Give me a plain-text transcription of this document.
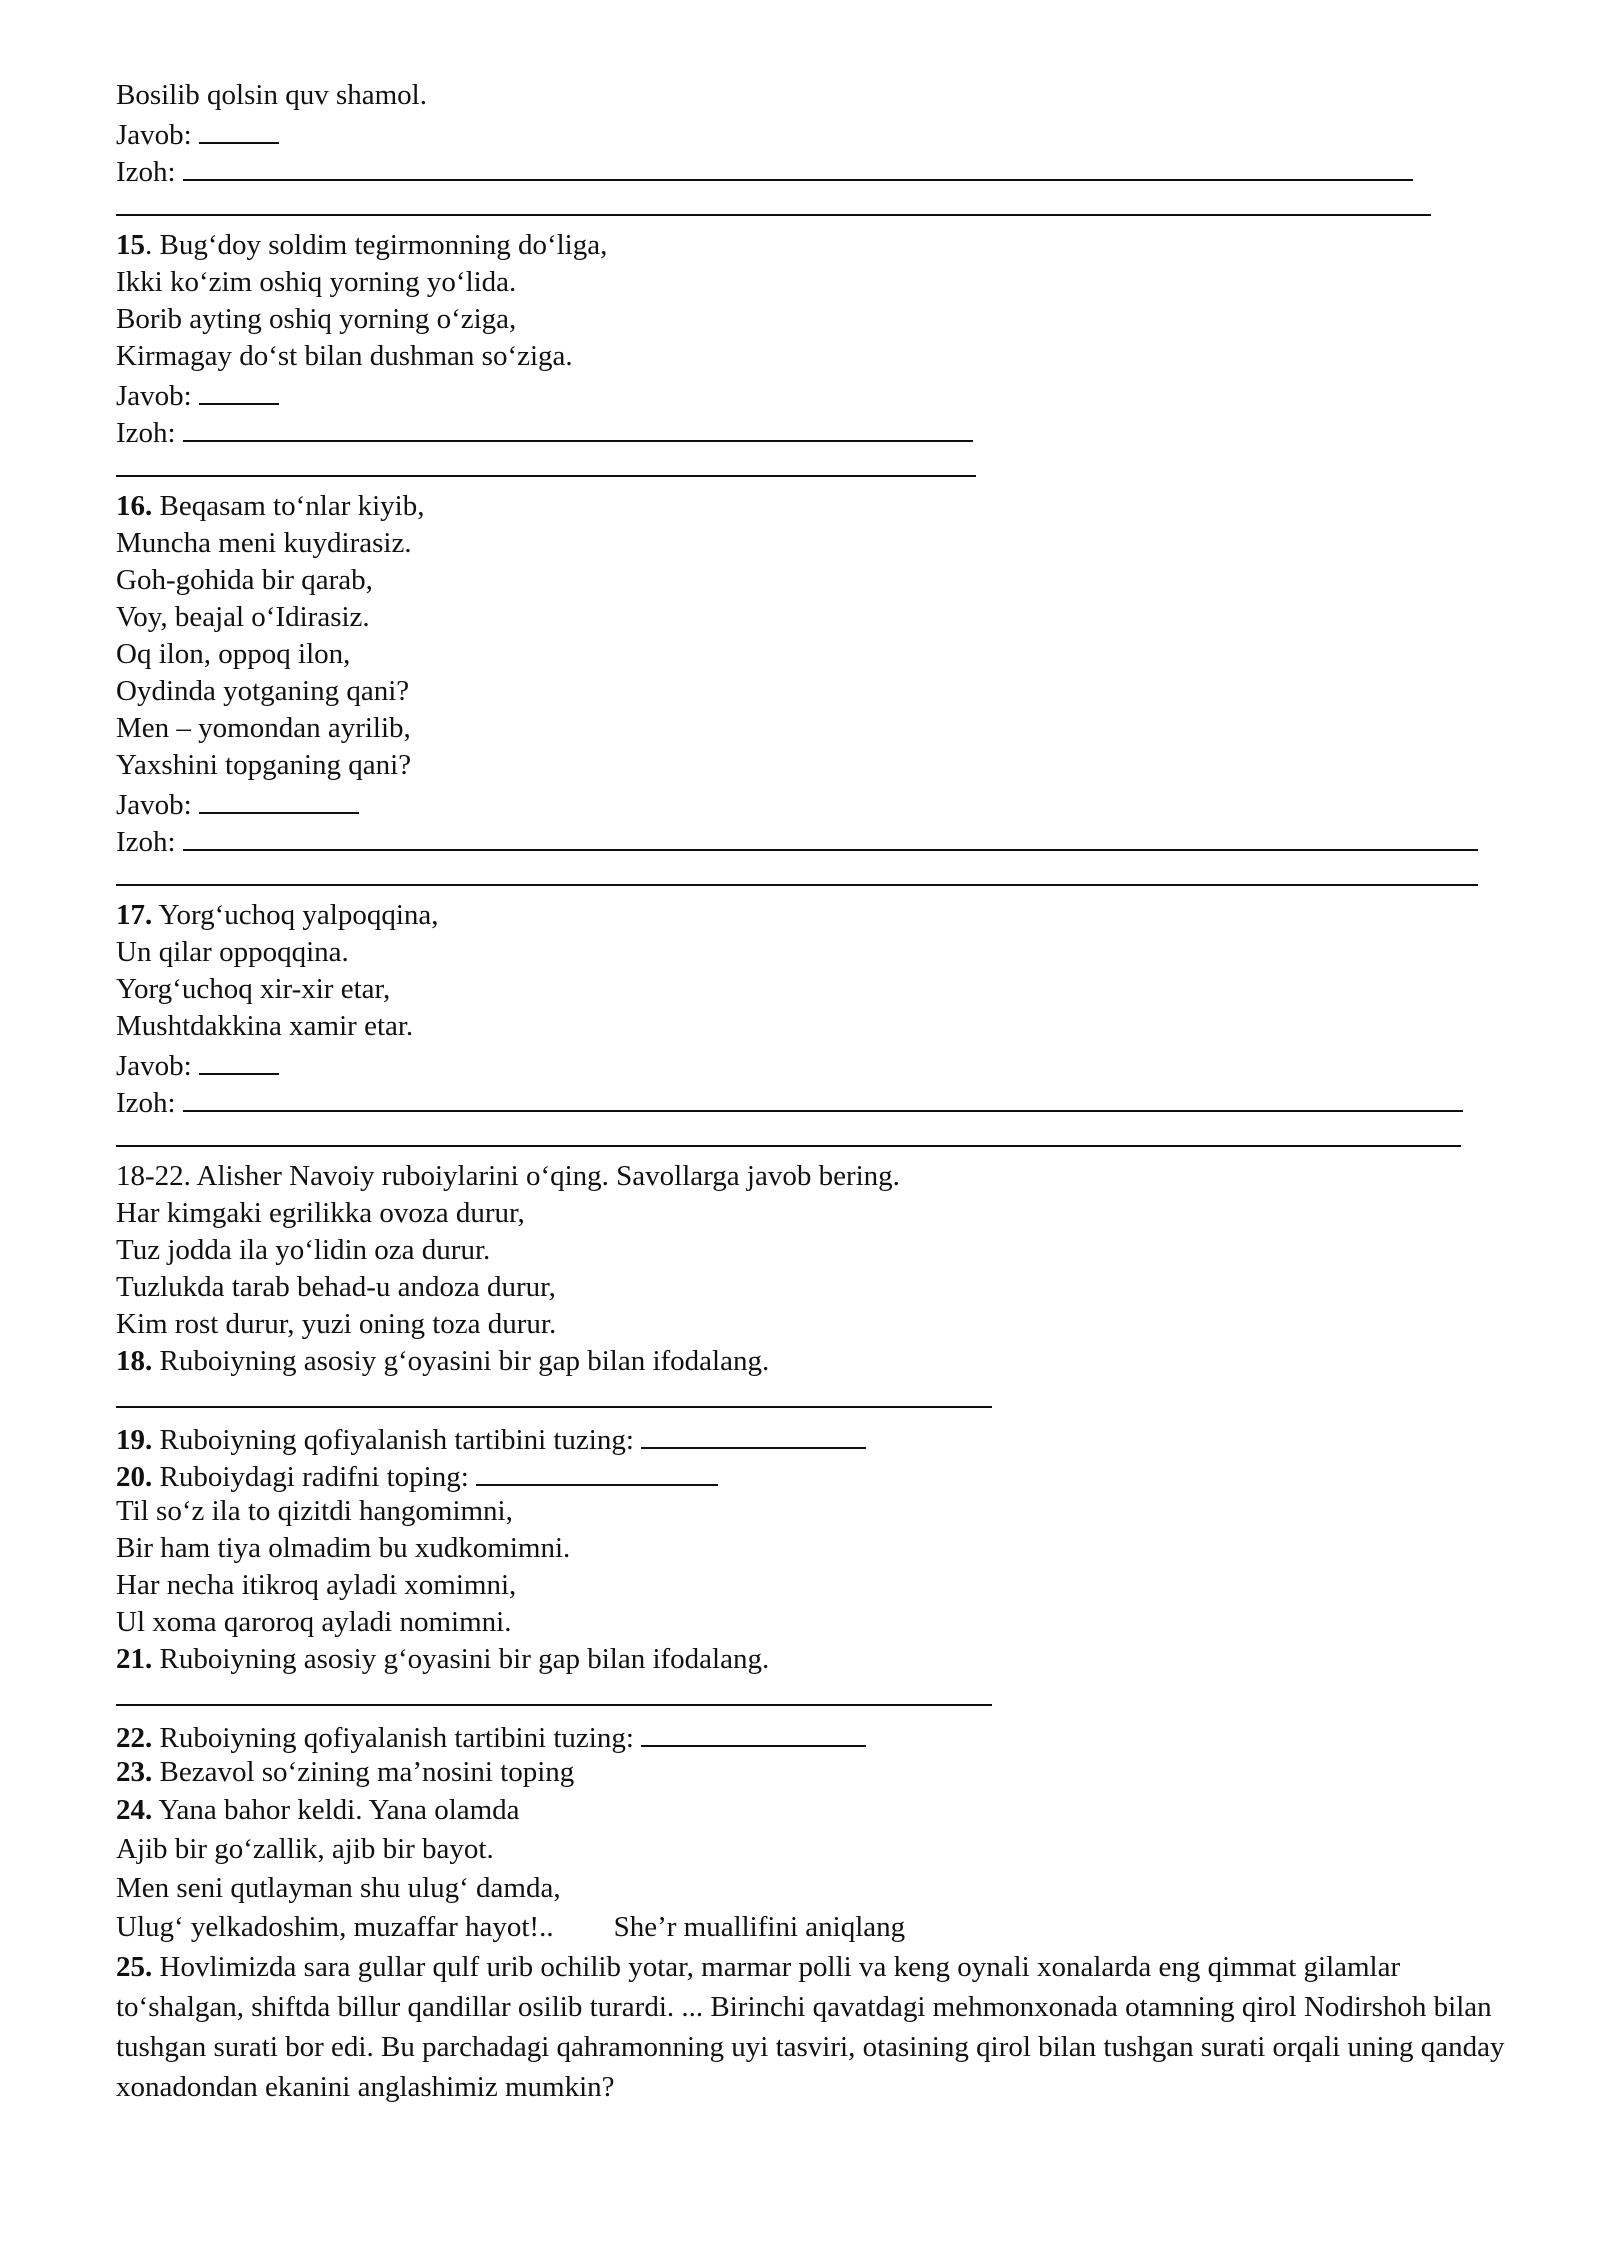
Bosilib qolsin quv shamol.
Javob:
Izoh:
15. Bug‘doy soldim tegirmonning do‘liga,
Ikki ko‘zim oshiq yorning yo‘lida.
Borib ayting oshiq yorning o‘ziga,
Kirmagay do‘st bilan dushman so‘ziga.
Javob:
Izoh:
16. Beqasam to‘nlar kiyib,
Muncha meni kuydirasiz.
Goh-gohida bir qarab,
Voy, beajal o‘Idirasiz.
Oq ilon, oppoq ilon,
Oydinda yotganing qani?
Men – yomondan ayrilib,
Yaxshini topganing qani?
Javob:
Izoh:
17. Yorg‘uchoq yalpoqqina,
Un qilar oppoqqina.
Yorg‘uchoq xir-xir etar,
Mushtdakkina xamir etar.
Javob:
Izoh:
18-22. Alisher Navoiy ruboiylarini o‘qing. Savollarga javob bering.
Har kimgaki egrilikka ovoza durur,
Tuz jodda ila yo‘lidin oza durur.
Tuzlukda tarab behad-u andoza durur,
Kim rost durur, yuzi oning toza durur.
18. Ruboiyning asosiy g‘oyasini bir gap bilan ifodalang.
19. Ruboiyning qofiyalanish tartibini tuzing:
20. Ruboiydagi radifni toping:
Til so‘z ila to qizitdi hangomimni,
Bir ham tiya olmadim bu xudkomimni.
Har necha itikroq ayladi xomimni,
Ul xoma qaroroq ayladi nomimni.
21. Ruboiyning asosiy g‘oyasini bir gap bilan ifodalang.
22. Ruboiyning qofiyalanish tartibini tuzing:
23. Bezavol so‘zining ma’nosini toping
24. Yana bahor keldi. Yana olamda
Ajib bir go‘zallik, ajib bir bayot.
Men seni qutlayman shu ulug‘ damda,
Ulug‘ yelkadoshim, muzaffar hayot!.. She’r muallifini aniqlang
25. Hovlimizda sara gullar qulf urib ochilib yotar, marmar polli va keng oynali xonalarda eng qimmat gilamlar to‘shalgan, shiftda billur qandillar osilib turardi. ... Birinchi qavatdagi mehmonxonada otamning qirol Nodirshoh bilan tushgan surati bor edi. Bu parchadagi qahramonning uyi tasviri, otasining qirol bilan tushgan surati orqali uning qanday xonadondan ekanini anglashimiz mumkin?
